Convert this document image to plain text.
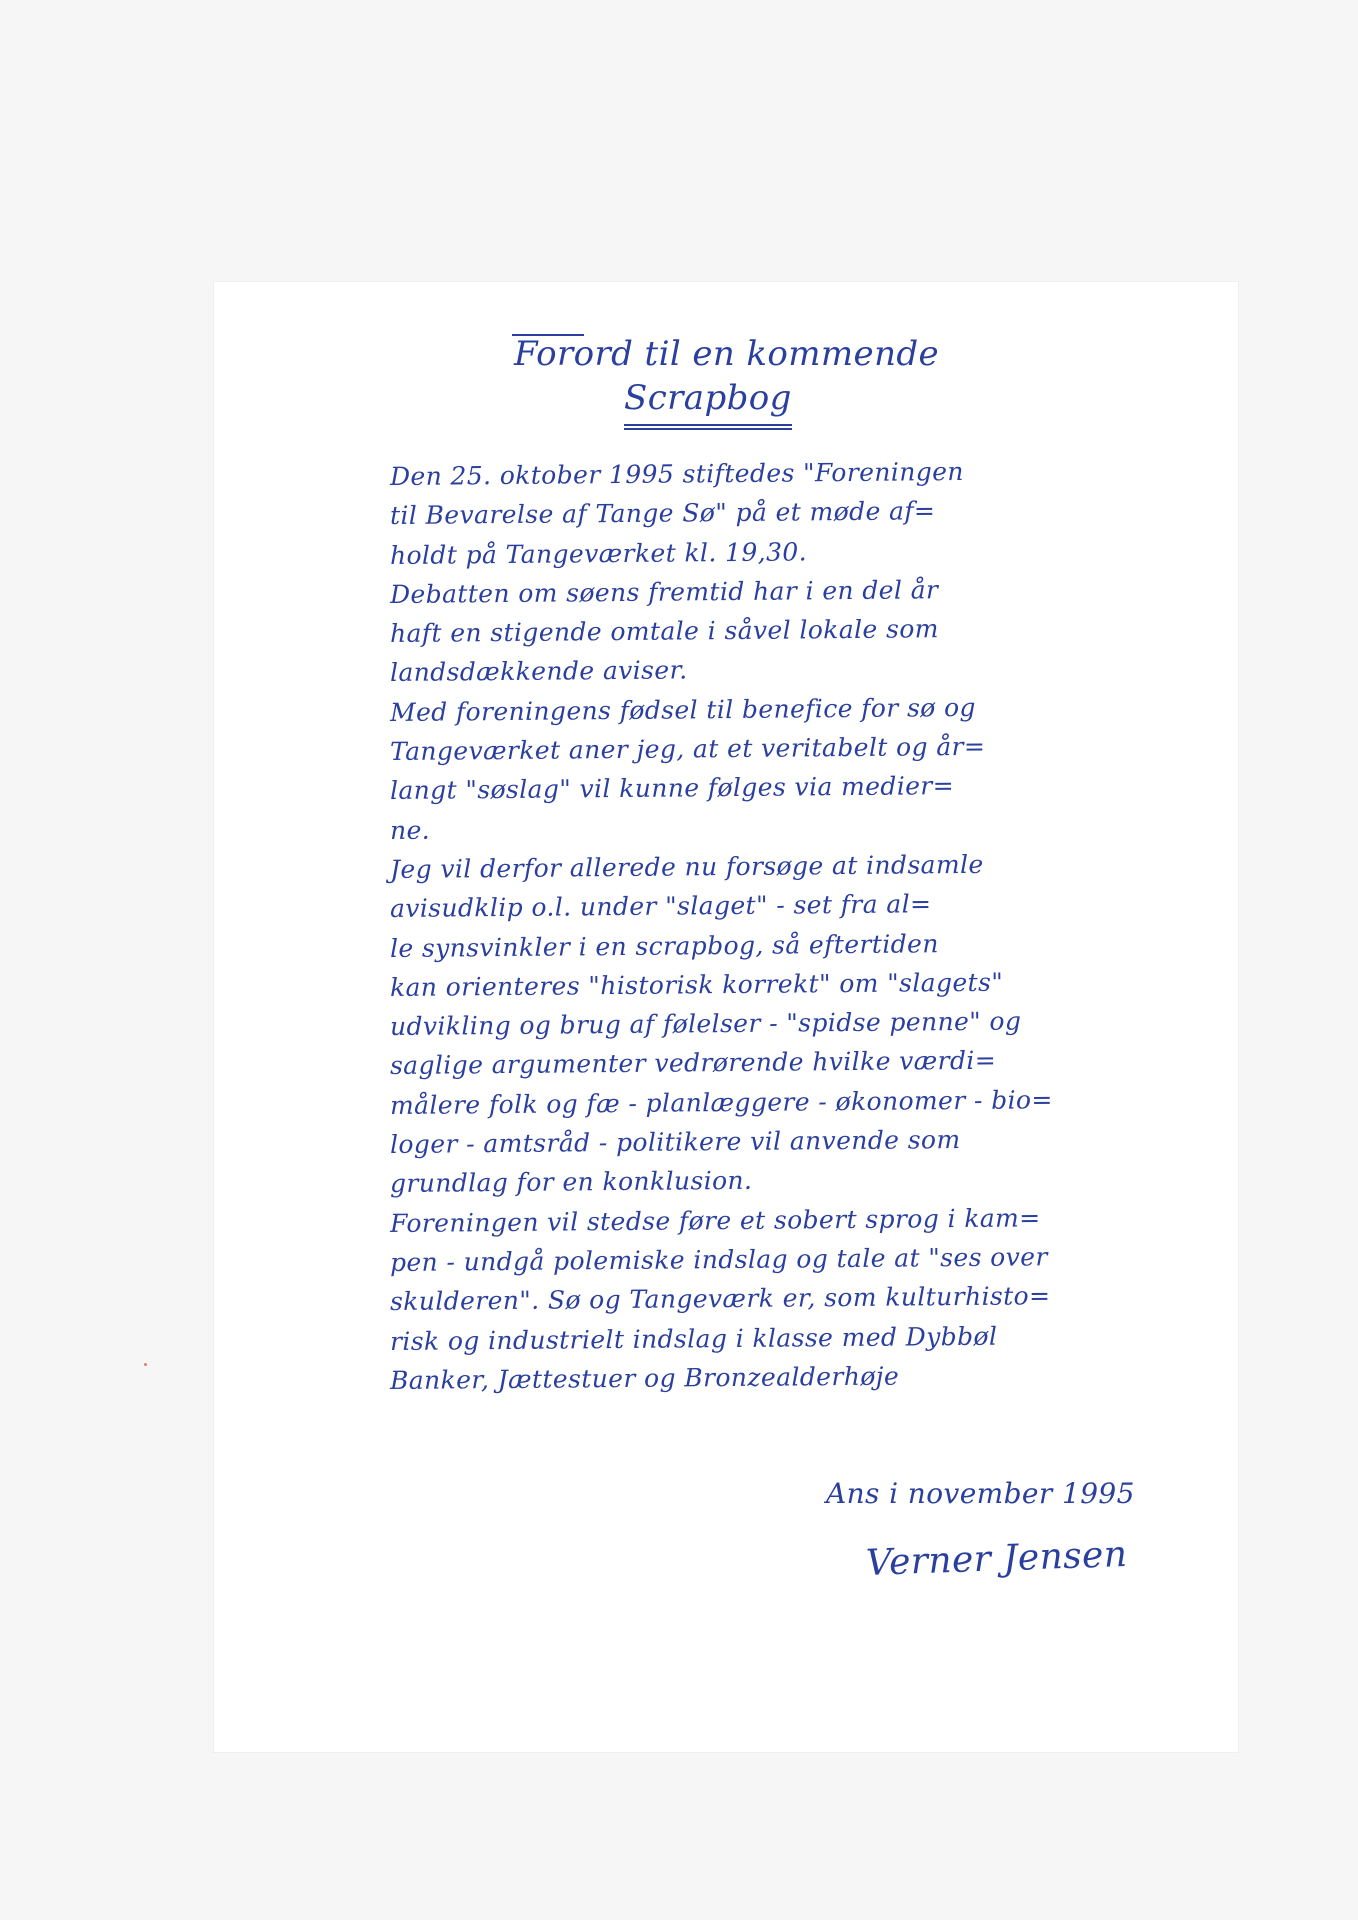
Forord til en kommende
Scrapbog
Den 25. oktober 1995 stiftedes "Foreningen
til Bevarelse af Tange Sø" på et møde af=
holdt på Tangeværket kl. 19,30.
Debatten om søens fremtid har i en del år
haft en stigende omtale i såvel lokale som
landsdækkende aviser.
Med foreningens fødsel til benefice for sø og
Tangeværket aner jeg, at et veritabelt og år=
langt "søslag" vil kunne følges via medier=
ne.
Jeg vil derfor allerede nu forsøge at indsamle
avisudklip o.l. under "slaget" - set fra al=
le synsvinkler i en scrapbog, så eftertiden
kan orienteres "historisk korrekt" om "slagets"
udvikling og brug af følelser - "spidse penne" og
saglige argumenter vedrørende hvilke værdi=
målere folk og fæ - planlæggere - økonomer - bio=
loger - amtsråd - politikere vil anvende som
grundlag for en konklusion.
Foreningen vil stedse føre et sobert sprog i kam=
pen - undgå polemiske indslag og tale at "ses over
skulderen". Sø og Tangeværk er, som kulturhisto=
risk og industrielt indslag i klasse med Dybbøl
Banker, Jættestuer og Bronzealderhøje
Ans i november 1995
Verner Jensen
